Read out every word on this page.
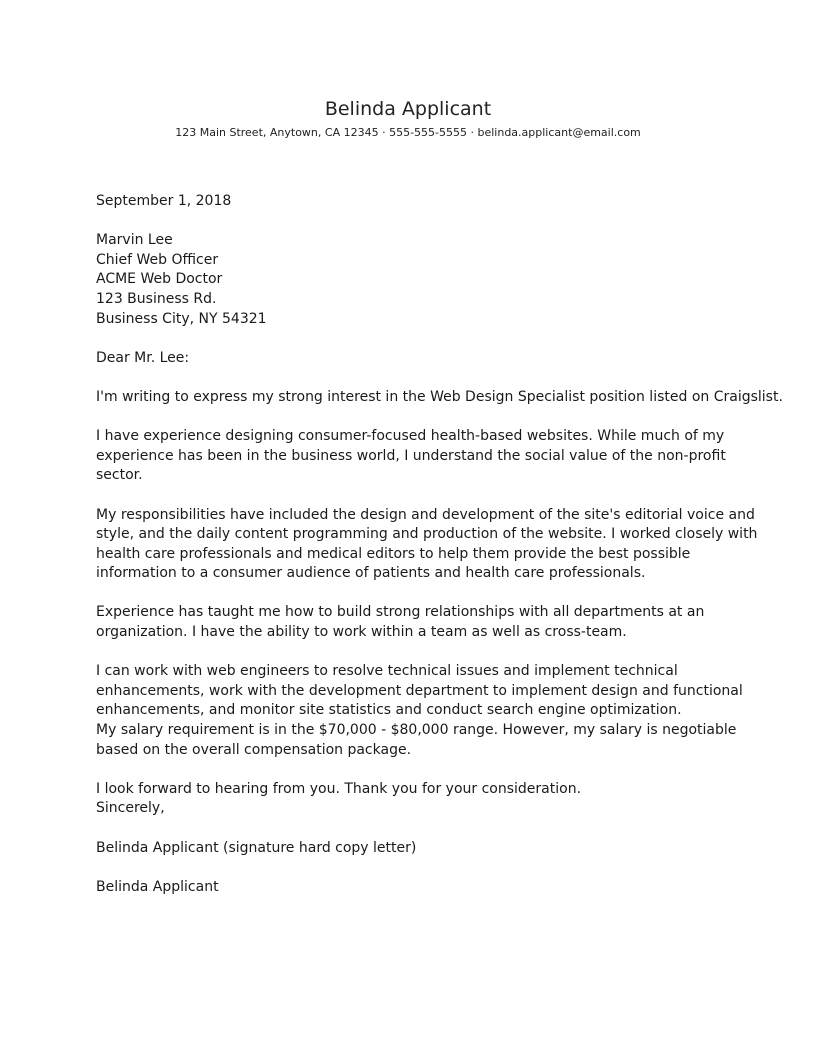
Belinda Applicant
123 Main Street, Anytown, CA 12345 · 555-555-5555 · belinda.applicant@email.com

September 1, 2018

Marvin Lee
Chief Web Officer
ACME Web Doctor
123 Business Rd.
Business City, NY 54321

Dear Mr. Lee:

I'm writing to express my strong interest in the Web Design Specialist position listed on Craigslist.

I have experience designing consumer-focused health-based websites. While much of my
experience has been in the business world, I understand the social value of the non-profit
sector.

My responsibilities have included the design and development of the site's editorial voice and
style, and the daily content programming and production of the website. I worked closely with
health care professionals and medical editors to help them provide the best possible
information to a consumer audience of patients and health care professionals.

Experience has taught me how to build strong relationships with all departments at an
organization. I have the ability to work within a team as well as cross-team.

I can work with web engineers to resolve technical issues and implement technical
enhancements, work with the development department to implement design and functional
enhancements, and monitor site statistics and conduct search engine optimization.
My salary requirement is in the $70,000 - $80,000 range. However, my salary is negotiable
based on the overall compensation package.

I look forward to hearing from you. Thank you for your consideration.
Sincerely,

Belinda Applicant (signature hard copy letter)

Belinda Applicant
